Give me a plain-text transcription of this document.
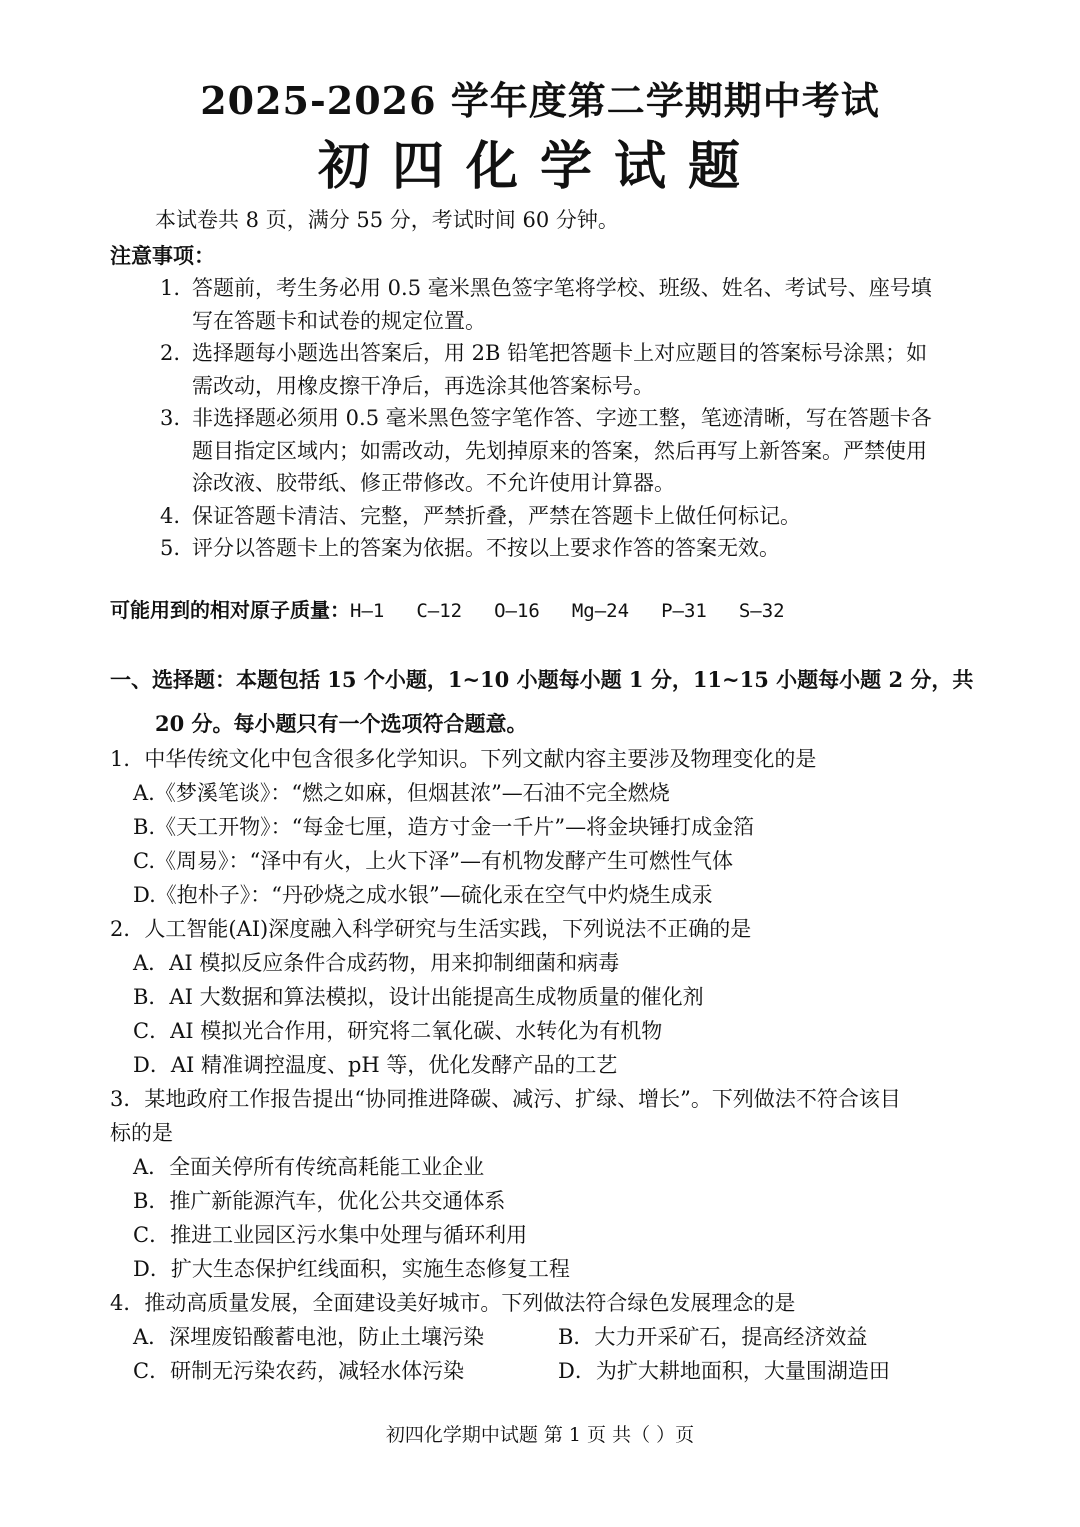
2025-2026 学年度第二学期期中考试
初四化学试题
本试卷共 8 页，满分 55 分，考试时间 60 分钟。
注意事项：
1. 答题前，考生务必用 0.5 毫米黑色签字笔将学校、班级、姓名、考试号、座号填
写在答题卡和试卷的规定位置。
2. 选择题每小题选出答案后，用 2B 铅笔把答题卡上对应题目的答案标号涂黑；如
需改动，用橡皮擦干净后，再选涂其他答案标号。
3. 非选择题必须用 0.5 毫米黑色签字笔作答、字迹工整，笔迹清晰，写在答题卡各
题目指定区域内；如需改动，先划掉原来的答案，然后再写上新答案。严禁使用
涂改液、胶带纸、修正带修改。不允许使用计算器。
4. 保证答题卡清洁、完整，严禁折叠，严禁在答题卡上做任何标记。
5. 评分以答题卡上的答案为依据。不按以上要求作答的答案无效。
可能用到的相对原子质量：H—1 C—12 O—16 Mg—24 P—31 S—32
一、选择题：本题包括 15 个小题，1~10 小题每小题 1 分，11~15 小题每小题 2 分，共
20 分。每小题只有一个选项符合题意。
1．中华传统文化中包含很多化学知识。下列文献内容主要涉及物理变化的是
A.《梦溪笔谈》：“燃之如麻，但烟甚浓”—石油不完全燃烧
B.《天工开物》：“每金七厘，造方寸金一千片”—将金块锤打成金箔
C.《周易》：“泽中有火，上火下泽”—有机物发酵产生可燃性气体
D.《抱朴子》：“丹砂烧之成水银”—硫化汞在空气中灼烧生成汞
2．人工智能(AI)深度融入科学研究与生活实践，下列说法不正确的是
A．AI 模拟反应条件合成药物，用来抑制细菌和病毒
B．AI 大数据和算法模拟，设计出能提高生成物质量的催化剂
C．AI 模拟光合作用，研究将二氧化碳、水转化为有机物
D．AI 精准调控温度、pH 等，优化发酵产品的工艺
3．某地政府工作报告提出“协同推进降碳、减污、扩绿、增长”。下列做法不符合该目
标的是
A．全面关停所有传统高耗能工业企业
B．推广新能源汽车，优化公共交通体系
C．推进工业园区污水集中处理与循环利用
D．扩大生态保护红线面积，实施生态修复工程
4．推动高质量发展，全面建设美好城市。下列做法符合绿色发展理念的是
A．深埋废铅酸蓄电池，防止土壤污染	B．大力开采矿石，提高经济效益
C．研制无污染农药，减轻水体污染	D．为扩大耕地面积，大量围湖造田
初四化学期中试题 第 1 页 共（ ）页
